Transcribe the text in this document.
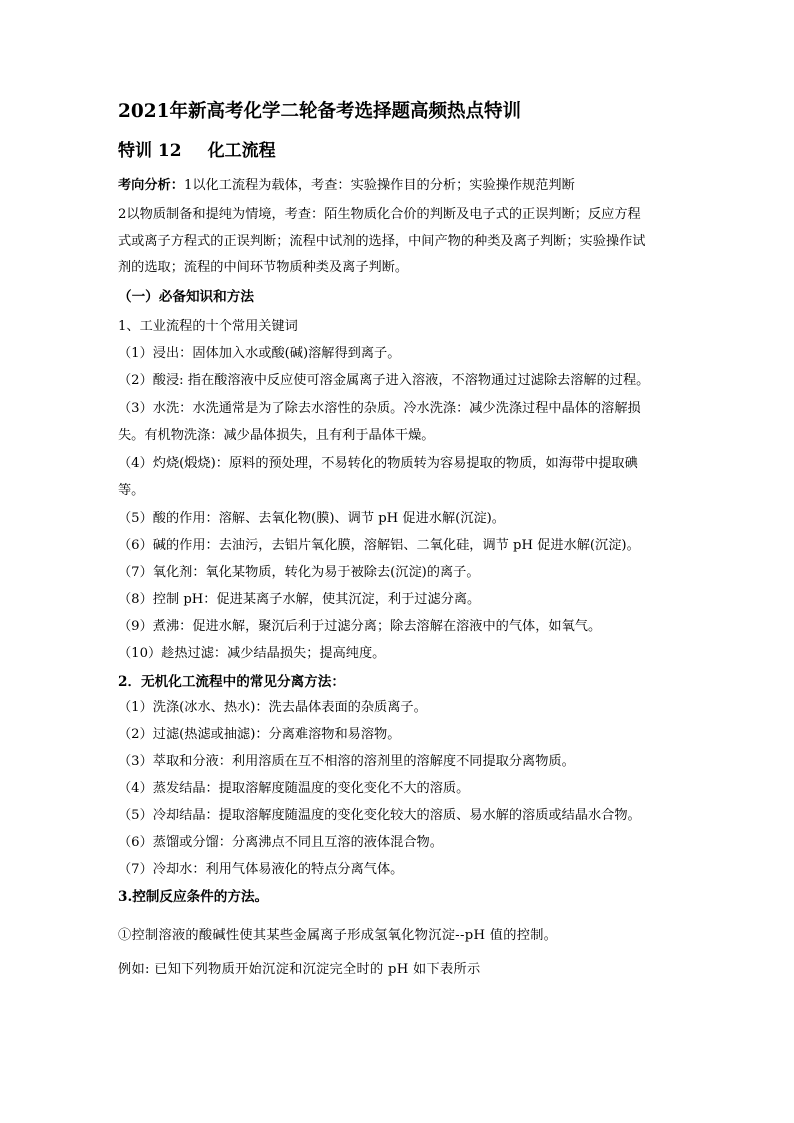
2021年新高考化学二轮备考选择题高频热点特训
特训 12 化工流程
考向分析：1以化工流程为载体，考查：实验操作目的分析；实验操作规范判断
2以物质制备和提纯为情境，考查：陌生物质化合价的判断及电子式的正误判断；反应方程
式或离子方程式的正误判断；流程中试剂的选择，中间产物的种类及离子判断；实验操作试
剂的选取；流程的中间环节物质种类及离子判断。
（一）必备知识和方法
1、工业流程的十个常用关键词
（1）浸出：固体加入水或酸(碱)溶解得到离子。
（2）酸浸: 指在酸溶液中反应使可溶金属离子进入溶液，不溶物通过过滤除去溶解的过程。
（3）水洗：水洗通常是为了除去水溶性的杂质。冷水洗涤：减少洗涤过程中晶体的溶解损
失。有机物洗涤：减少晶体损失，且有利于晶体干燥。
（4）灼烧(煅烧)：原料的预处理，不易转化的物质转为容易提取的物质，如海带中提取碘
等。
（5）酸的作用：溶解、去氧化物(膜)、调节 pH 促进水解(沉淀)。
（6）碱的作用：去油污，去铝片氧化膜，溶解铝、二氧化硅，调节 pH 促进水解(沉淀)。
（7）氧化剂：氧化某物质，转化为易于被除去(沉淀)的离子。
（8）控制 pH：促进某离子水解，使其沉淀，利于过滤分离。
（9）煮沸：促进水解，聚沉后利于过滤分离；除去溶解在溶液中的气体，如氧气。
（10）趁热过滤：减少结晶损失；提高纯度。
2．无机化工流程中的常见分离方法：
（1）洗涤(冰水、热水)：洗去晶体表面的杂质离子。
（2）过滤(热滤或抽滤)：分离难溶物和易溶物。
（3）萃取和分液：利用溶质在互不相溶的溶剂里的溶解度不同提取分离物质。
（4）蒸发结晶：提取溶解度随温度的变化变化不大的溶质。
（5）冷却结晶：提取溶解度随温度的变化变化较大的溶质、易水解的溶质或结晶水合物。
（6）蒸馏或分馏：分离沸点不同且互溶的液体混合物。
（7）冷却水：利用气体易液化的特点分离气体。
3.控制反应条件的方法。
①控制溶液的酸碱性使其某些金属离子形成氢氧化物沉淀--pH 值的控制。
例如: 已知下列物质开始沉淀和沉淀完全时的 pH 如下表所示
